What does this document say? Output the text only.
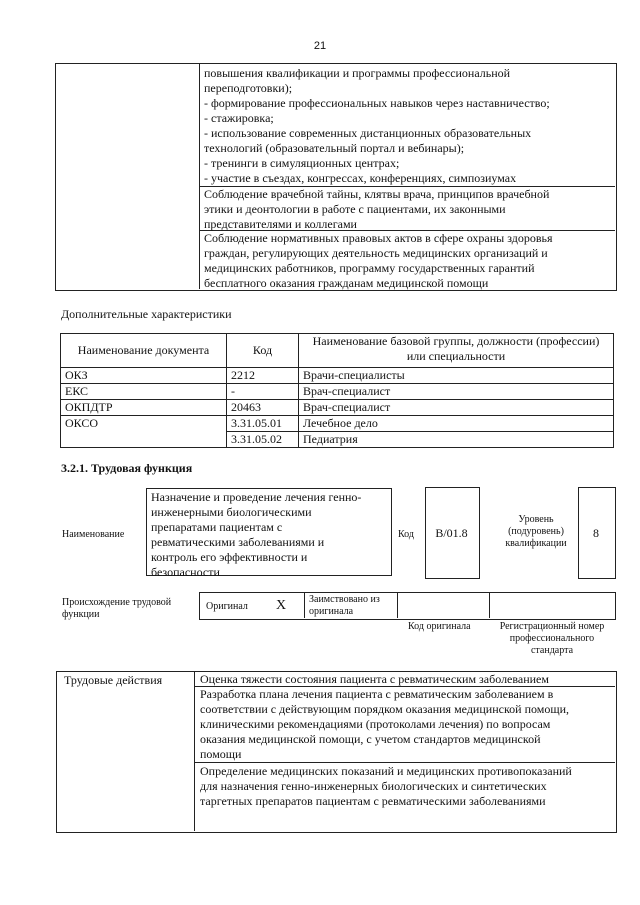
21
повышения квалификации и программы профессиональной
переподготовки);
- формирование профессиональных навыков через наставничество;
- стажировка;
- использование современных дистанционных образовательных
технологий (образовательный портал и вебинары);
- тренинги в симуляционных центрах;
- участие в съездах, конгрессах, конференциях, симпозиумах
Соблюдение врачебной тайны, клятвы врача, принципов врачебной
этики и деонтологии в работе с пациентами, их законными
представителями и коллегами
Соблюдение нормативных правовых актов в сфере охраны здоровья
граждан, регулирующих деятельность медицинских организаций и
медицинских работников, программу государственных гарантий
бесплатного оказания гражданам медицинской помощи
Дополнительные характеристики
Наименование документа	Код	Наименование базовой группы, должности (профессии) или специальности
ОКЗ	2212	Врачи-специалисты
ЕКС	-	Врач-специалист
ОКПДТР	20463	Врач-специалист
ОКСО	3.31.05.01	Лечебное дело
	3.31.05.02	Педиатрия
3.2.1. Трудовая функция
Наименование
Назначение и проведение лечения генно-
инженерными биологическими
препаратами пациентам с
ревматическими заболеваниями и
контроль его эффективности и
безопасности
Код	B/01.8
Уровень
(подуровень)
квалификации
8
Происхождение трудовой
функции
Оригинал X Заимствовано из
оригинала
Код оригинала	Регистрационный номер
профессионального
стандарта
Трудовые действия	Оценка тяжести состояния пациента с ревматическим заболеванием
Разработка плана лечения пациента с ревматическим заболеванием в
соответствии с действующим порядком оказания медицинской помощи,
клиническими рекомендациями (протоколами лечения) по вопросам
оказания медицинской помощи, с учетом стандартов медицинской
помощи
Определение медицинских показаний и медицинских противопоказаний
для назначения генно-инженерных биологических и синтетических
таргетных препаратов пациентам с ревматическими заболеваниями
